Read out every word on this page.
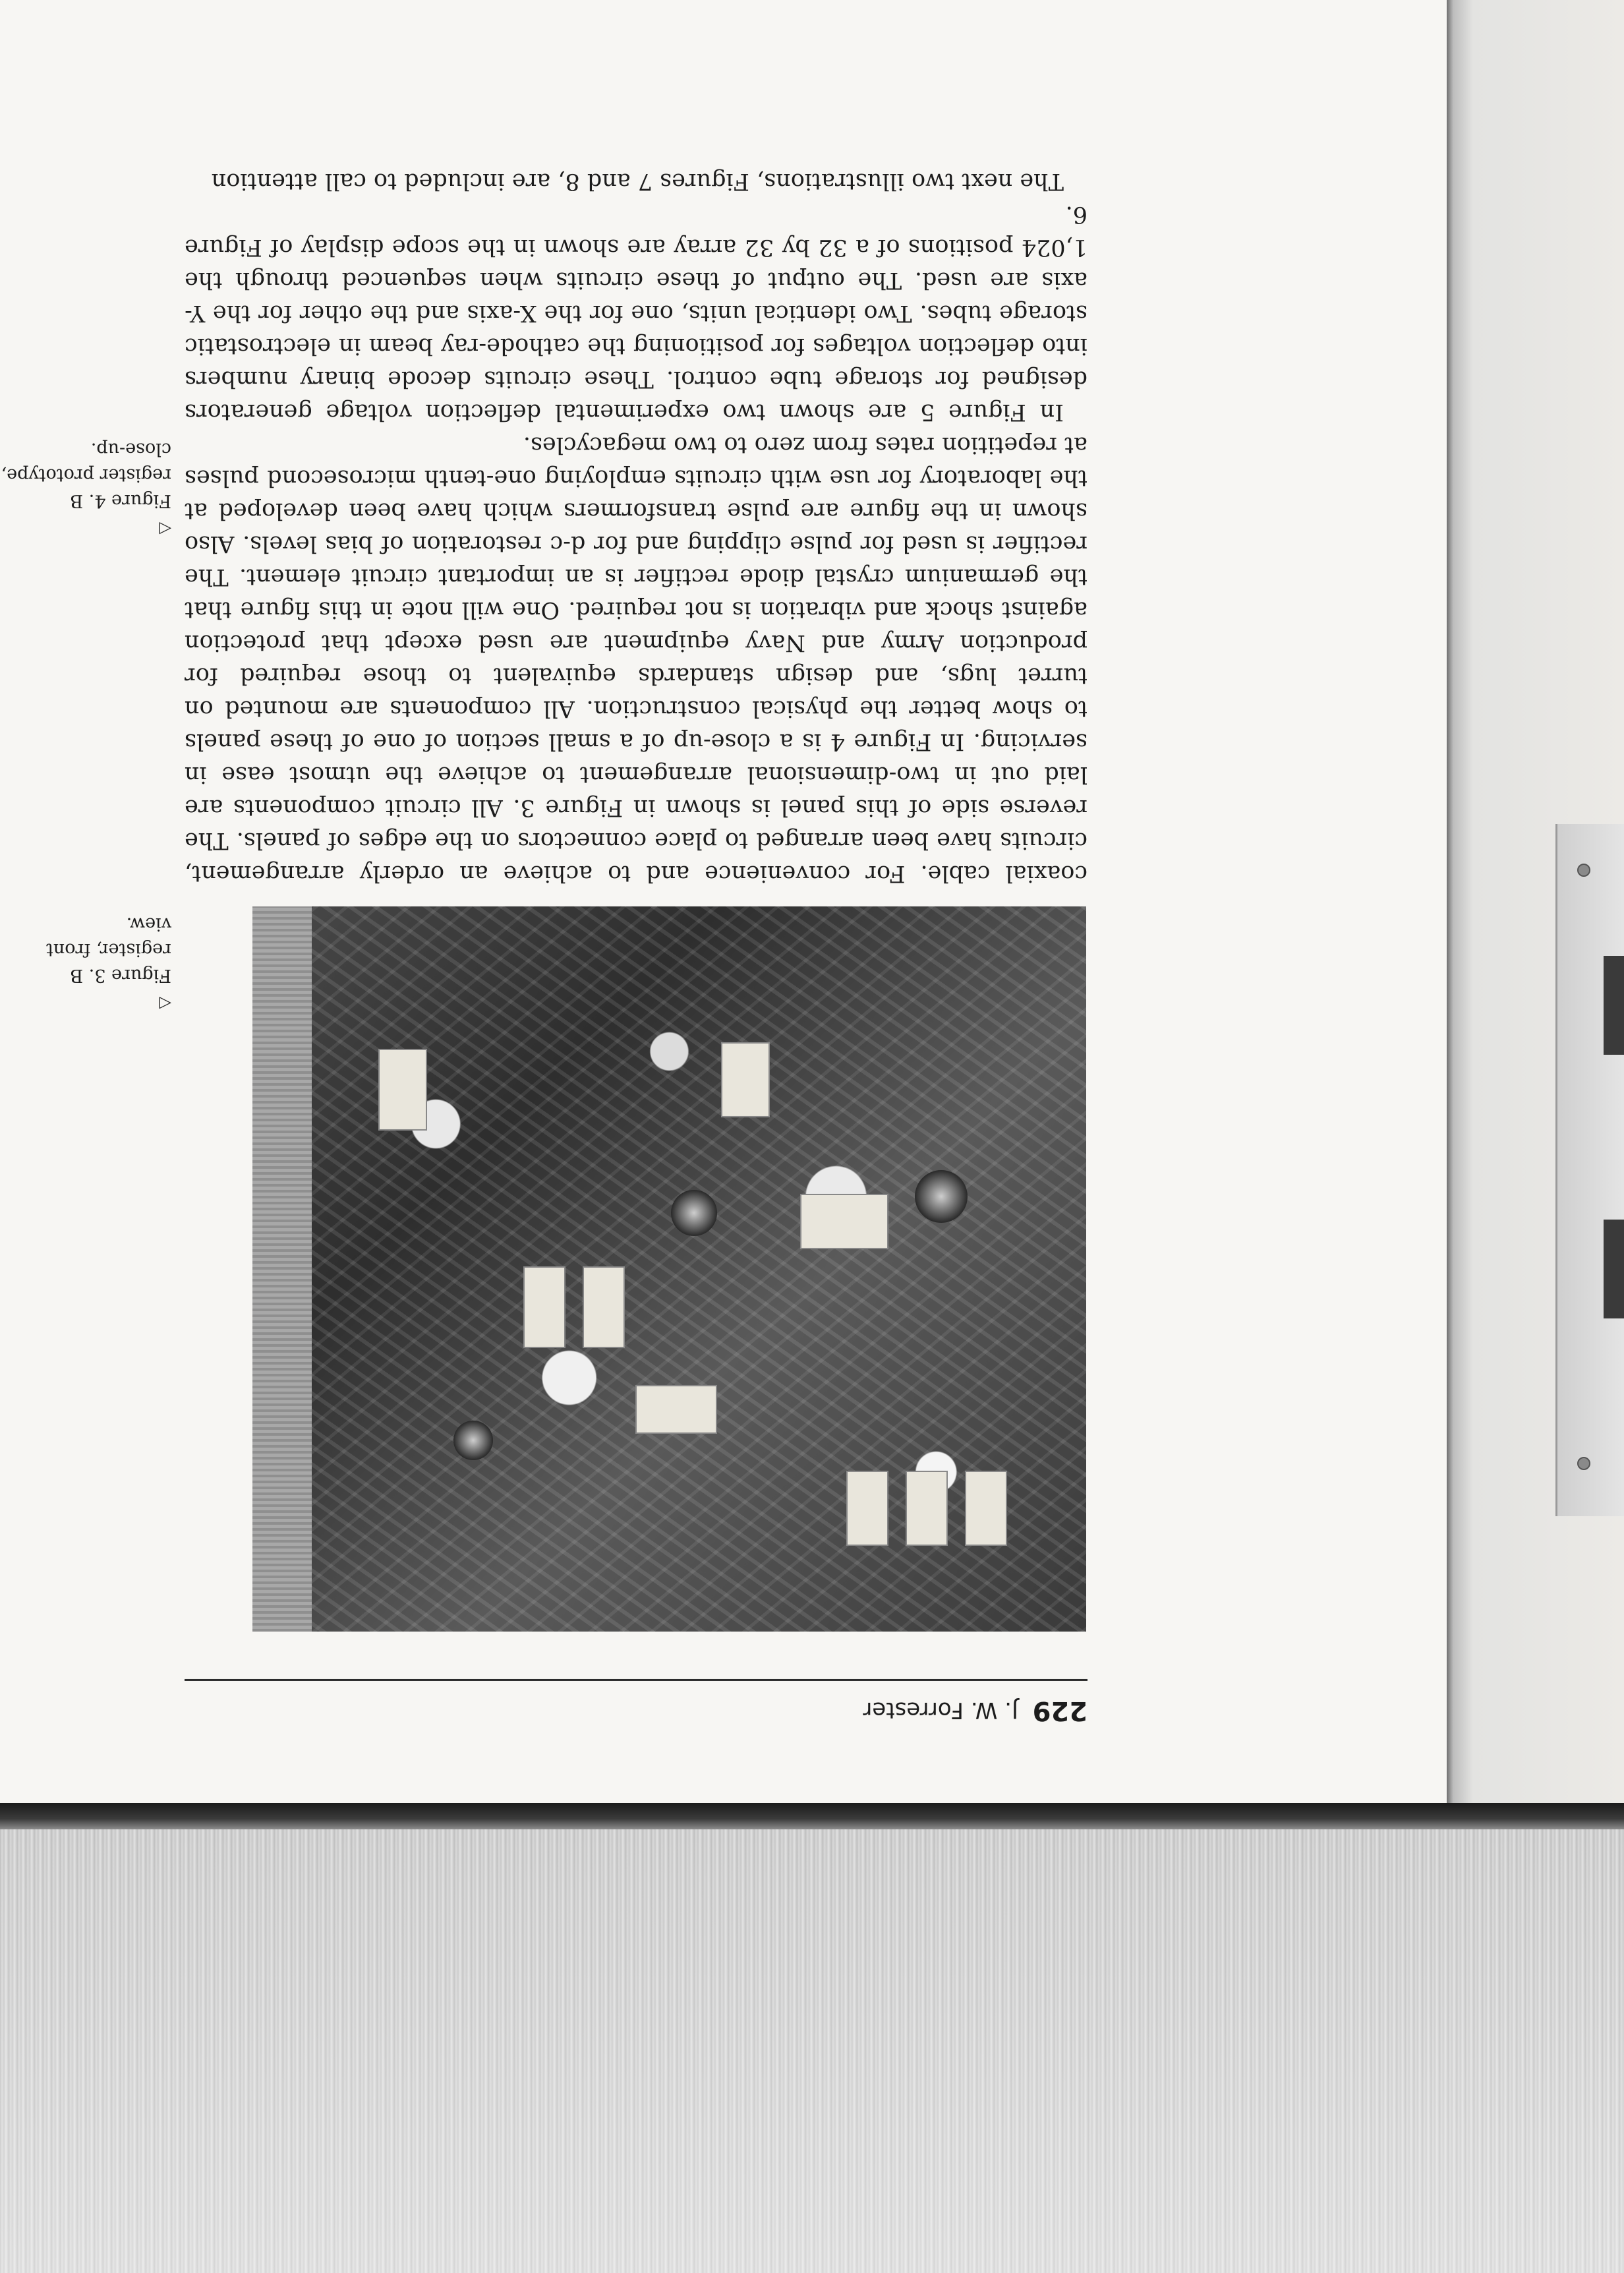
229
J. W. Forrester
◁
Figure 3. B register, front view.
◁
Figure 4. B register prototype, close-up.

coaxial cable. For convenience and to achieve an orderly arrangement, circuits have been arranged to place connectors on the edges of panels. The reverse side of this panel is shown in Figure 3. All circuit components are laid out in two-dimensional arrangement to achieve the utmost ease in servicing. In Figure 4 is a close-up of a small section of one of these panels to show better the physical construction. All components are mounted on turret lugs, and design standards equivalent to those required for production Army and Navy equipment are used except that protection against shock and vibration is not required. One will note in this figure that the germanium crystal diode rectifier is an important circuit element. The rectifier is used for pulse clipping and for d-c restoration of bias levels. Also shown in the figure are pulse transformers which have been developed at the laboratory for use with circuits employing one-tenth microsecond pulses at repetition rates from zero to two megacycles.

In Figure 5 are shown two experimental deflection voltage generators designed for storage tube control. These circuits decode binary numbers into deflection voltages for positioning the cathode-ray beam in electrostatic storage tubes. Two identical units, one for the X-axis and the other for the Y-axis are used. The output of these circuits when sequenced through the 1,024 positions of a 32 by 32 array are shown in the scope display of Figure 6.

The next two illustrations, Figures 7 and 8, are included to call attention
